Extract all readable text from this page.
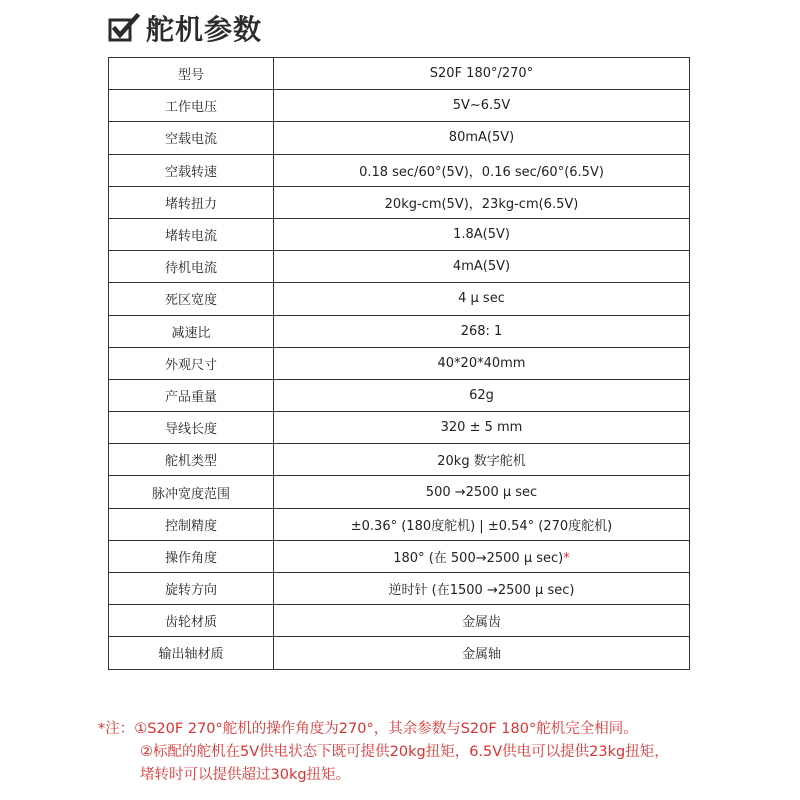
舵机参数
型号	S20F 180°/270°
工作电压	5V~6.5V
空载电流	80mA(5V)
空载转速	0.18 sec/60°(5V)，0.16 sec/60°(6.5V)
堵转扭力	20kg-cm(5V)，23kg-cm(6.5V)
堵转电流	1.8A(5V)
待机电流	4mA(5V)
死区宽度	4 μ sec
减速比	268: 1
外观尺寸	40*20*40mm
产品重量	62g
导线长度	320 ± 5 mm
舵机类型	20kg 数字舵机
脉冲宽度范围	500 →2500 μ sec
控制精度	±0.36° (180度舵机) | ±0.54° (270度舵机)
操作角度	180° (在 500→2500 μ sec)*
旋转方向	逆时针 (在1500 →2500 μ sec)
齿轮材质	金属齿
输出轴材质	金属轴
*注：①S20F 270°舵机的操作角度为270°，其余参数与S20F 180°舵机完全相同。
②标配的舵机在5V供电状态下既可提供20kg扭矩，6.5V供电可以提供23kg扭矩，
堵转时可以提供超过30kg扭矩。
